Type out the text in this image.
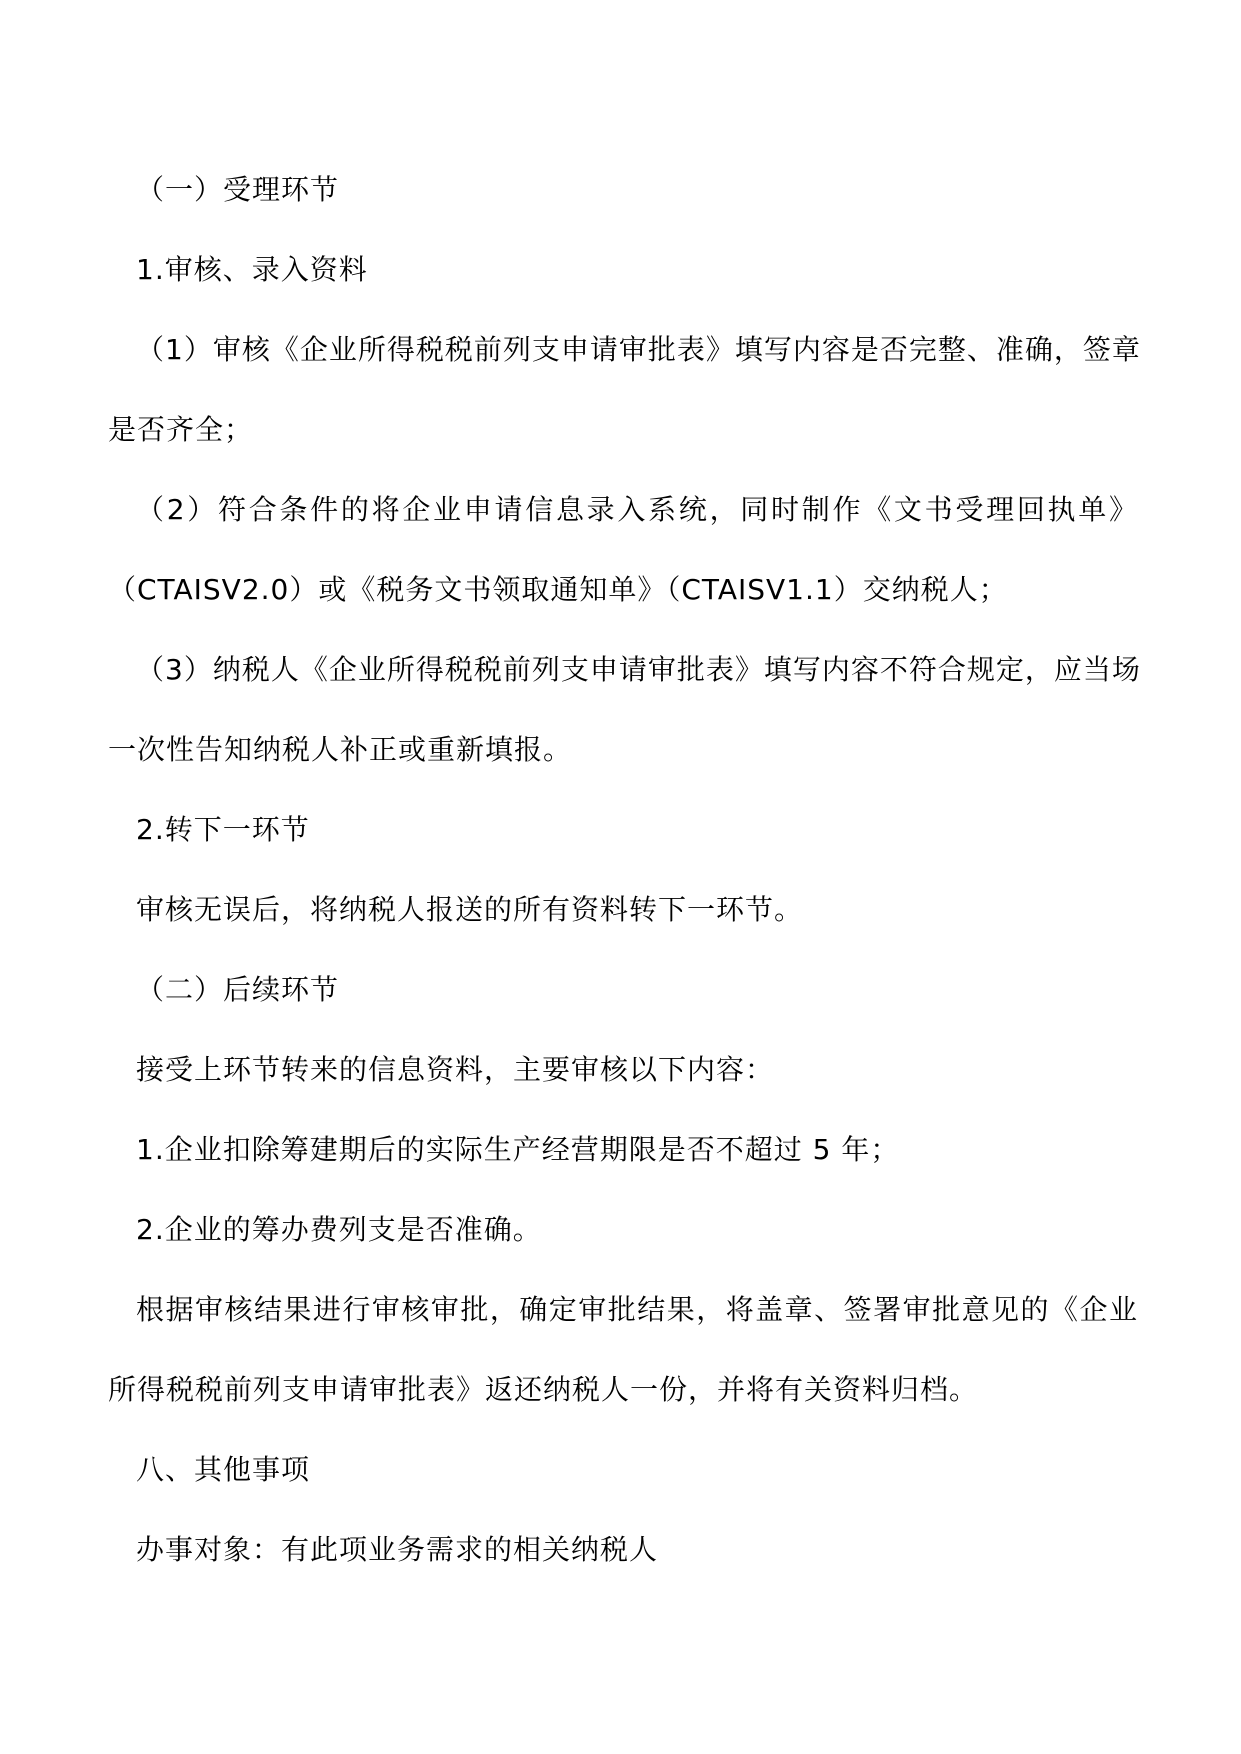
（一）受理环节
1.审核、录入资料
（1）审核《企业所得税税前列支申请审批表》填写内容是否完整、准确，签章
是否齐全；
（2）符合条件的将企业申请信息录入系统，同时制作《文书受理回执单》
（CTAISV2.0）或《税务文书领取通知单》（CTAISV1.1）交纳税人；
（3）纳税人《企业所得税税前列支申请审批表》填写内容不符合规定，应当场
一次性告知纳税人补正或重新填报。
2.转下一环节
审核无误后，将纳税人报送的所有资料转下一环节。
（二）后续环节
接受上环节转来的信息资料，主要审核以下内容：
1.企业扣除筹建期后的实际生产经营期限是否不超过 5 年；
2.企业的筹办费列支是否准确。
根据审核结果进行审核审批，确定审批结果，将盖章、签署审批意见的《企业
所得税税前列支申请审批表》返还纳税人一份，并将有关资料归档。
八、其他事项
办事对象：有此项业务需求的相关纳税人
